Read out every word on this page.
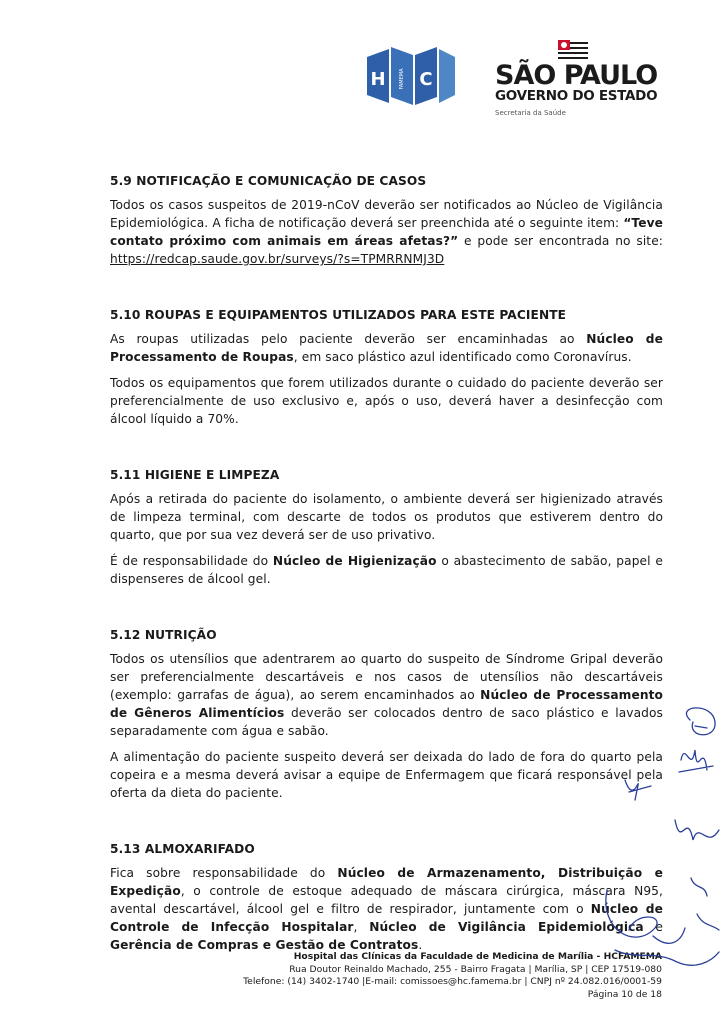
H C
FAMEMA	SÃO PAULO
GOVERNO DO ESTADO
Secretaria da Saúde
5.9 NOTIFICAÇÃO E COMUNICAÇÃO DE CASOS

Todos os casos suspeitos de 2019-nCoV deverão ser notificados ao Núcleo de Vigilância Epidemiológica. A ficha de notificação deverá ser preenchida até o seguinte item: “Teve contato próximo com animais em áreas afetas?” e pode ser encontrada no site: https://redcap.saude.gov.br/surveys/?s=TPMRRNMJ3D

5.10 ROUPAS E EQUIPAMENTOS UTILIZADOS PARA ESTE PACIENTE

As roupas utilizadas pelo paciente deverão ser encaminhadas ao Núcleo de Processamento de Roupas, em saco plástico azul identificado como Coronavírus.

Todos os equipamentos que forem utilizados durante o cuidado do paciente deverão ser preferencialmente de uso exclusivo e, após o uso, deverá haver a desinfecção com álcool líquido a 70%.

5.11 HIGIENE E LIMPEZA

Após a retirada do paciente do isolamento, o ambiente deverá ser higienizado através de limpeza terminal, com descarte de todos os produtos que estiverem dentro do quarto, que por sua vez deverá ser de uso privativo.

É de responsabilidade do Núcleo de Higienização o abastecimento de sabão, papel e dispenseres de álcool gel.

5.12 NUTRIÇÃO

Todos os utensílios que adentrarem ao quarto do suspeito de Síndrome Gripal deverão ser preferencialmente descartáveis e nos casos de utensílios não descartáveis (exemplo: garrafas de água), ao serem encaminhados ao Núcleo de Processamento de Gêneros Alimentícios deverão ser colocados dentro de saco plástico e lavados separadamente com água e sabão.

A alimentação do paciente suspeito deverá ser deixada do lado de fora do quarto pela copeira e a mesma deverá avisar a equipe de Enfermagem que ficará responsável pela oferta da dieta do paciente.

5.13 ALMOXARIFADO

Fica sobre responsabilidade do Núcleo de Armazenamento, Distribuição e Expedição, o controle de estoque adequado de máscara cirúrgica, máscara N95, avental descartável, álcool gel e filtro de respirador, juntamente com o Núcleo de Controle de Infecção Hospitalar, Núcleo de Vigilância Epidemiológica e Gerência de Compras e Gestão de Contratos.

Hospital das Clínicas da Faculdade de Medicina de Marília - HCFAMEMA
Rua Doutor Reinaldo Machado, 255 - Bairro Fragata | Marília, SP | CEP 17519-080
Telefone: (14) 3402-1740 |E-mail: comissoes@hc.famema.br | CNPJ nº 24.082.016/0001-59
Página 10 de 18
